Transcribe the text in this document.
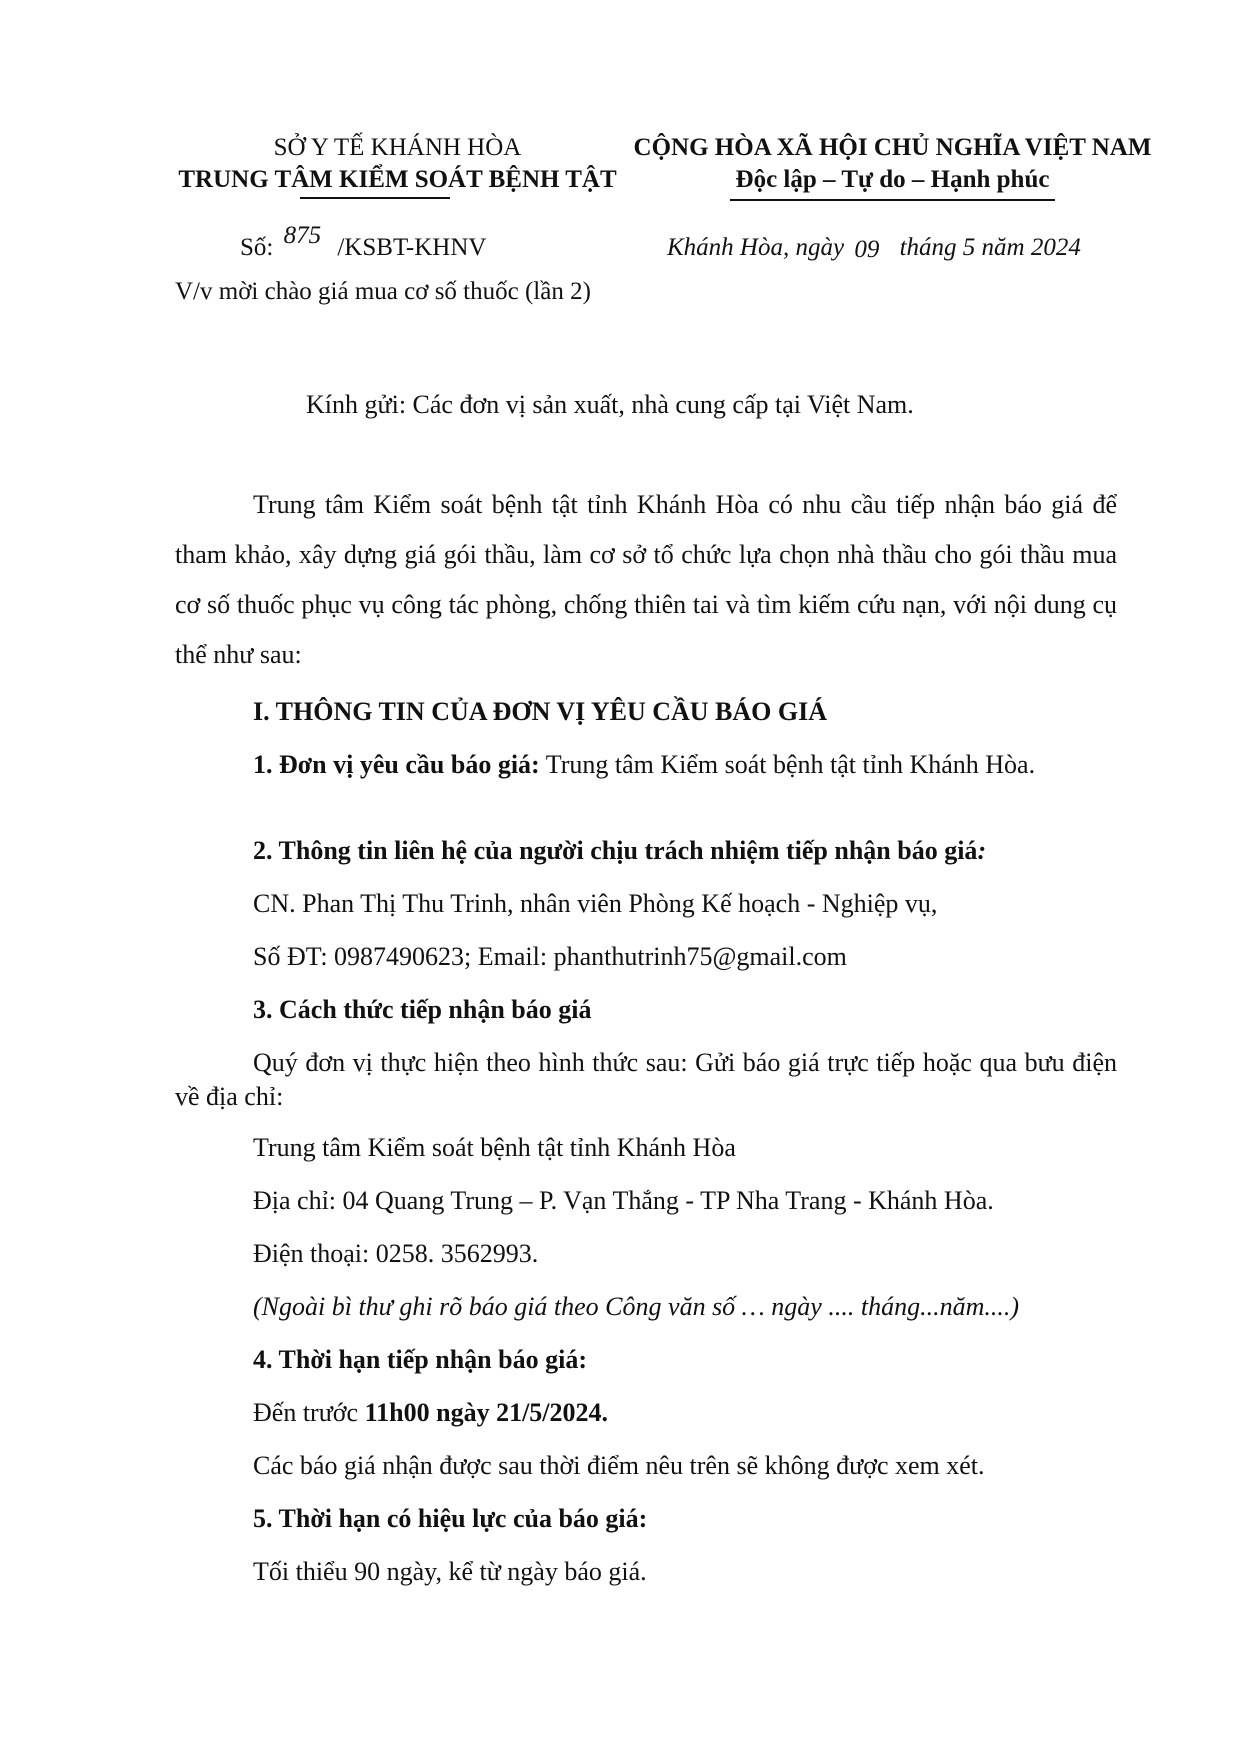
SỞ Y TẾ KHÁNH HÒA
TRUNG TÂM KIỂM SOÁT BỆNH TẬT
Số: 875 /KSBT-KHNV
V/v mời chào giá mua cơ số thuốc (lần 2)
CỘNG HÒA XÃ HỘI CHỦ NGHĨA VIỆT NAM
Độc lập – Tự do – Hạnh phúc
Khánh Hòa, ngày 09 tháng 5 năm 2024
Kính gửi: Các đơn vị sản xuất, nhà cung cấp tại Việt Nam.
Trung tâm Kiểm soát bệnh tật tỉnh Khánh Hòa có nhu cầu tiếp nhận báo giá để tham khảo, xây dựng giá gói thầu, làm cơ sở tổ chức lựa chọn nhà thầu cho gói thầu mua cơ số thuốc phục vụ công tác phòng, chống thiên tai và tìm kiếm cứu nạn, với nội dung cụ thể như sau:
I. THÔNG TIN CỦA ĐƠN VỊ YÊU CẦU BÁO GIÁ
1. Đơn vị yêu cầu báo giá: Trung tâm Kiểm soát bệnh tật tỉnh Khánh Hòa.
2. Thông tin liên hệ của người chịu trách nhiệm tiếp nhận báo giá:
CN. Phan Thị Thu Trinh, nhân viên Phòng Kế hoạch - Nghiệp vụ,
Số ĐT: 0987490623; Email: phanthutrinh75@gmail.com
3. Cách thức tiếp nhận báo giá
Quý đơn vị thực hiện theo hình thức sau: Gửi báo giá trực tiếp hoặc qua bưu điện về địa chỉ:
Trung tâm Kiểm soát bệnh tật tỉnh Khánh Hòa
Địa chỉ: 04 Quang Trung – P. Vạn Thắng - TP Nha Trang - Khánh Hòa.
Điện thoại: 0258. 3562993.
(Ngoài bì thư ghi rõ báo giá theo Công văn số … ngày .... tháng...năm....)
4. Thời hạn tiếp nhận báo giá:
Đến trước 11h00 ngày 21/5/2024.
Các báo giá nhận được sau thời điểm nêu trên sẽ không được xem xét.
5. Thời hạn có hiệu lực của báo giá:
Tối thiểu 90 ngày, kể từ ngày báo giá.
